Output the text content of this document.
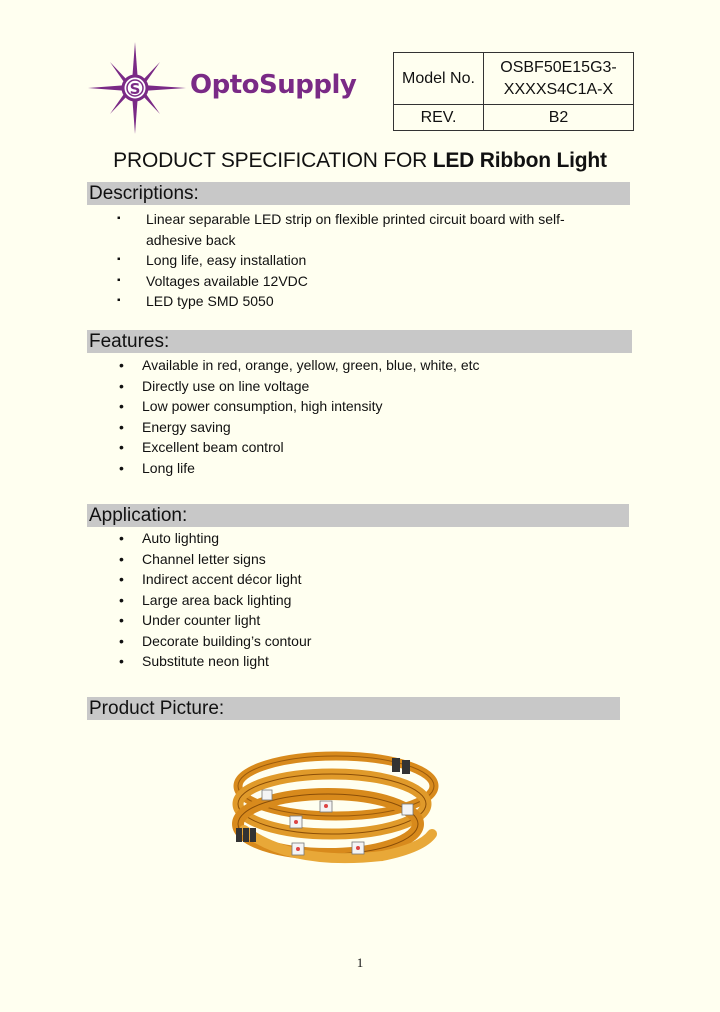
S OptoSupply	Model No.	OSBF50E15G3-
XXXXS4C1A-X
REV.	B2
PRODUCT SPECIFICATION FOR LED Ribbon Light
Descriptions:
▪ Linear separable LED strip on flexible printed circuit board with self-
adhesive back
▪ Long life, easy installation
▪ Voltages available 12VDC
▪ LED type SMD 5050
Features:
• Available in red, orange, yellow, green, blue, white, etc
• Directly use on line voltage
• Low power consumption, high intensity
• Energy saving
• Excellent beam control
• Long life
Application:
• Auto lighting
• Channel letter signs
• Indirect accent décor light
• Large area back lighting
• Under counter light
• Decorate building’s contour
• Substitute neon light
Product Picture:
1
